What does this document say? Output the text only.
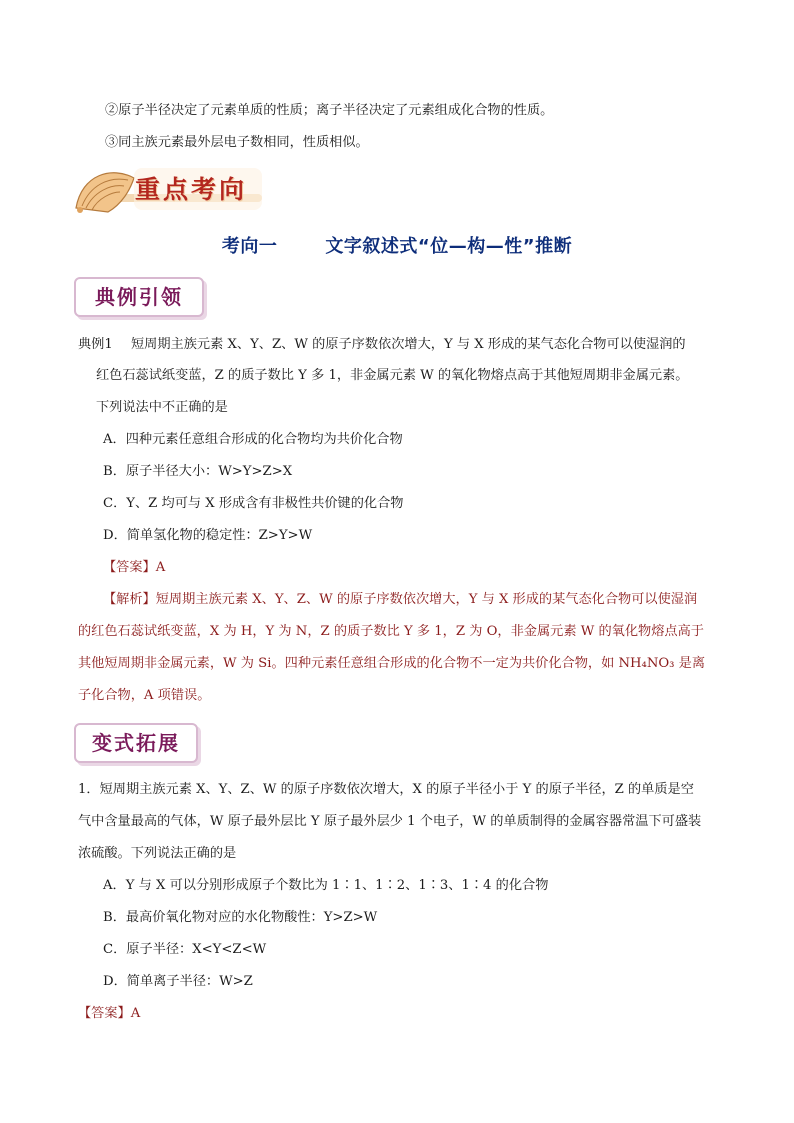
②原子半径决定了元素单质的性质；离子半径决定了元素组成化合物的性质。
③同主族元素最外层电子数相同，性质相似。
重点考向
考向一	文字叙述式“位—构—性”推断
典例引领
典例1 短周期主族元素 X、Y、Z、W 的原子序数依次增大，Y 与 X 形成的某气态化合物可以使湿润的
红色石蕊试纸变蓝，Z 的质子数比 Y 多 1，非金属元素 W 的氧化物熔点高于其他短周期非金属元素。
下列说法中不正确的是
A．四种元素任意组合形成的化合物均为共价化合物
B．原子半径大小：W>Y>Z>X
C．Y、Z 均可与 X 形成含有非极性共价键的化合物
D．简单氢化物的稳定性：Z>Y>W
【答案】A
【解析】短周期主族元素 X、Y、Z、W 的原子序数依次增大，Y 与 X 形成的某气态化合物可以使湿润
的红色石蕊试纸变蓝，X 为 H，Y 为 N，Z 的质子数比 Y 多 1，Z 为 O，非金属元素 W 的氧化物熔点高于
其他短周期非金属元素，W 为 Si。四种元素任意组合形成的化合物不一定为共价化合物，如 NH₄NO₃ 是离
子化合物，A 项错误。
变式拓展
1．短周期主族元素 X、Y、Z、W 的原子序数依次增大，X 的原子半径小于 Y 的原子半径，Z 的单质是空
气中含量最高的气体，W 原子最外层比 Y 原子最外层少 1 个电子，W 的单质制得的金属容器常温下可盛装
浓硫酸。下列说法正确的是
A．Y 与 X 可以分别形成原子个数比为 1∶1、1∶2、1∶3、1∶4 的化合物
B．最高价氧化物对应的水化物酸性：Y>Z>W
C．原子半径：X<Y<Z<W
D．简单离子半径：W>Z
【答案】A
